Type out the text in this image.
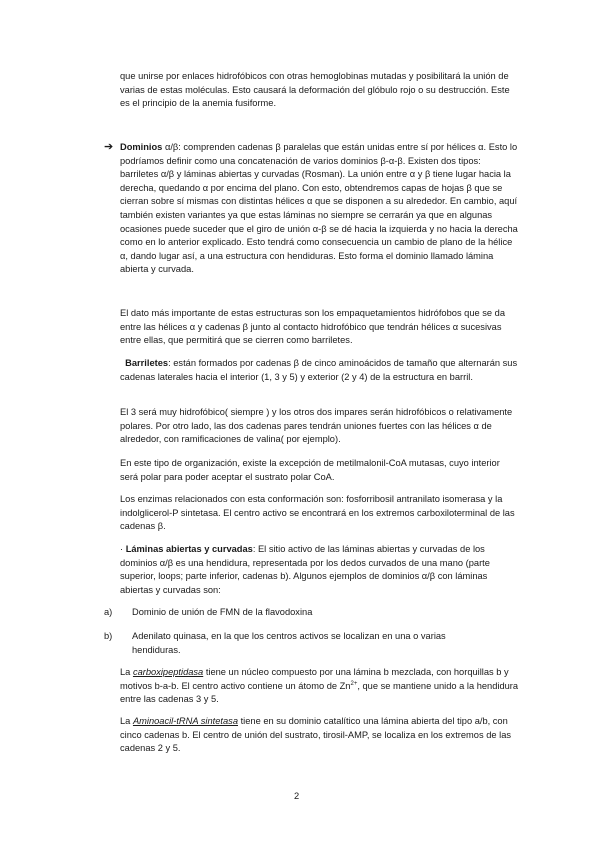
que unirse por enlaces hidrofóbicos con otras hemoglobinas mutadas y posibilitará la unión de varias de estas moléculas. Esto causará la deformación del glóbulo rojo o su destrucción. Este es el principio de la anemia fusiforme.

➔ Dominios α/β: comprenden cadenas β paralelas que están unidas entre sí por hélices α. Esto lo podríamos definir como una concatenación de varios dominios β-α-β. Existen dos tipos: barriletes α/β y láminas abiertas y curvadas (Rosman). La unión entre α y β tiene lugar hacia la derecha, quedando α por encima del plano. Con esto, obtendremos capas de hojas β que se cierran sobre sí mismas con distintas hélices α que se disponen a su alrededor. En cambio, aquí también existen variantes ya que estas láminas no siempre se cerrarán ya que en algunas ocasiones puede suceder que el giro de unión α-β se dé hacia la izquierda y no hacia la derecha como en lo anterior explicado. Esto tendrá como consecuencia un cambio de plano de la hélice α, dando lugar así, a una estructura con hendiduras. Esto forma el dominio llamado lámina abierta y curvada.

El dato más importante de estas estructuras son los empaquetamientos hidrófobos que se da entre las hélices α y cadenas β junto al contacto hidrofóbico que tendrán hélices α sucesivas entre ellas, que permitirá que se cierren como barriletes.

Barriletes: están formados por cadenas β de cinco aminoácidos de tamaño que alternarán sus cadenas laterales hacia el interior (1, 3 y 5) y exterior (2 y 4) de la estructura en barril.

El 3 será muy hidrofóbico( siempre ) y los otros dos impares serán hidrofóbicos o relativamente polares. Por otro lado, las dos cadenas pares tendrán uniones fuertes con las hélices α de alrededor, con ramificaciones de valina( por ejemplo).

En este tipo de organización, existe la excepción de metilmalonil-CoA mutasas, cuyo interior será polar para poder aceptar el sustrato polar CoA.

Los enzimas relacionados con esta conformación son: fosforribosil antranilato isomerasa y la indolglicerol-P sintetasa. El centro activo se encontrará en los extremos carboxiloterminal de las cadenas β.

· Láminas abiertas y curvadas: El sitio activo de las láminas abiertas y curvadas de los dominios α/β es una hendidura, representada por los dedos curvados de una mano (parte superior, loops; parte inferior, cadenas b). Algunos ejemplos de dominios α/β con láminas abiertas y curvadas son:

a) Dominio de unión de FMN de la flavodoxina

b) Adenilato quinasa, en la que los centros activos se localizan en una o varias hendiduras.

La carboxipeptidasa tiene un núcleo compuesto por una lámina b mezclada, con horquillas b y motivos b-a-b. El centro activo contiene un átomo de $Zn^{2+}$, que se mantiene unido a la hendidura entre las cadenas 3 y 5.

La Aminoacil-tRNA sintetasa tiene en su dominio catalítico una lámina abierta del tipo a/b, con cinco cadenas b. El centro de unión del sustrato, tirosil-AMP, se localiza en los extremos de las cadenas 2 y 5.

2
